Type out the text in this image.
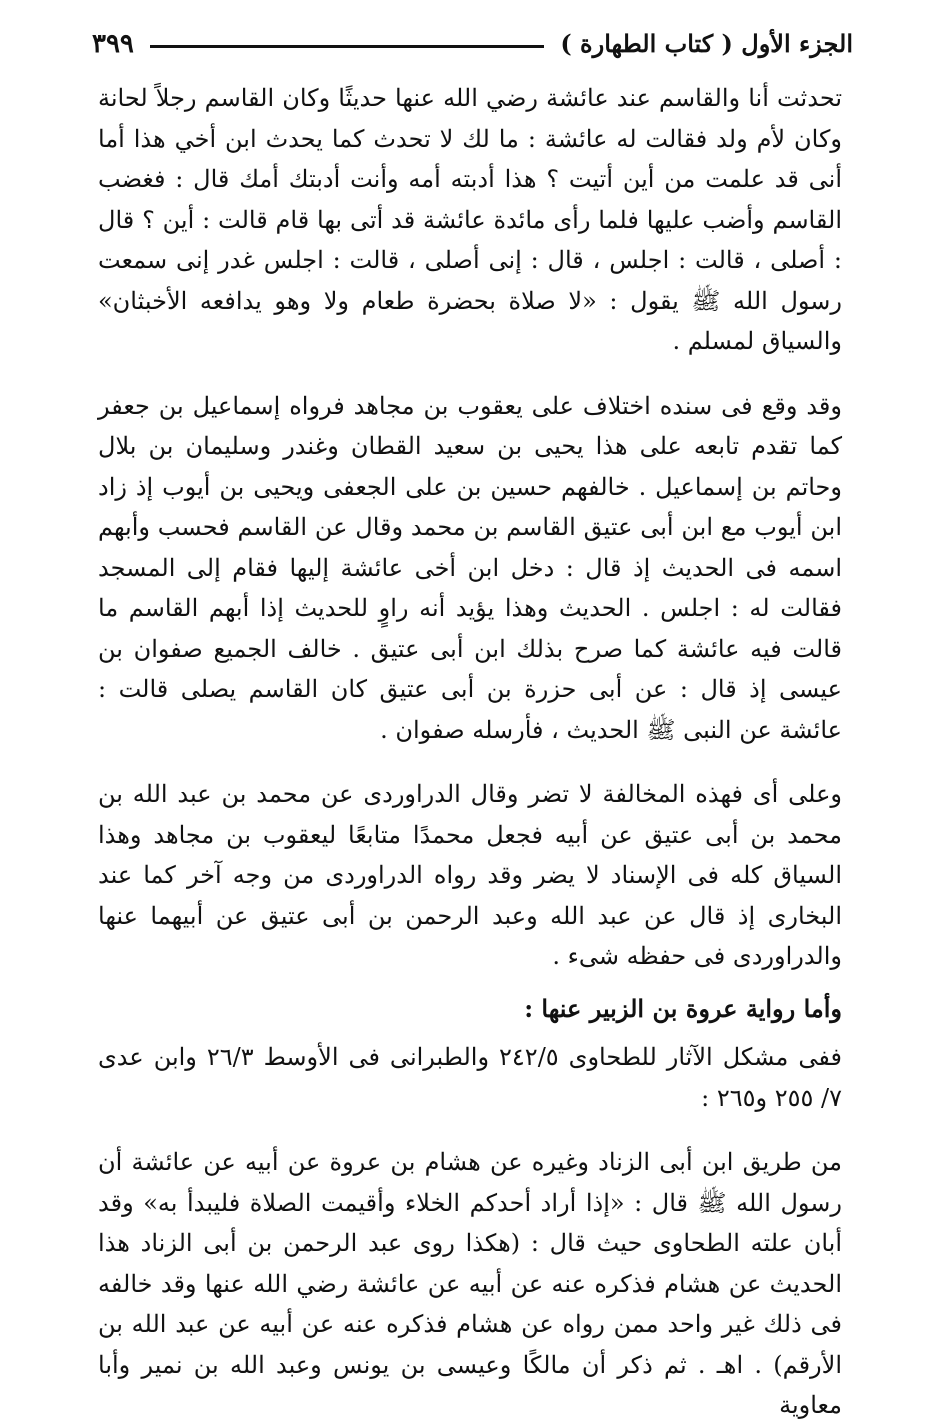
الجزء الأول ( كتاب الطهارة )
٣٩٩

تحدثت أنا والقاسم عند عائشة رضي الله عنها حديثًا وكان القاسم رجلاً لحانة وكان لأم ولد فقالت له عائشة : ما لك لا تحدث كما يحدث ابن أخي هذا أما أنى قد علمت من أين أتيت ؟ هذا أدبته أمه وأنت أدبتك أمك قال : فغضب القاسم وأضب عليها فلما رأى مائدة عائشة قد أتى بها قام قالت : أين ؟ قال : أصلى ، قالت : اجلس ، قال : إنى أصلى ، قالت : اجلس غدر إنى سمعت رسول الله ﷺ يقول : «لا صلاة بحضرة طعام ولا وهو يدافعه الأخبثان» والسياق لمسلم .

وقد وقع فى سنده اختلاف على يعقوب بن مجاهد فرواه إسماعيل بن جعفر كما تقدم تابعه على هذا يحيى بن سعيد القطان وغندر وسليمان بن بلال وحاتم بن إسماعيل . خالفهم حسين بن على الجعفى ويحيى بن أيوب إذ زاد ابن أيوب مع ابن أبى عتيق القاسم بن محمد وقال عن القاسم فحسب وأبهم اسمه فى الحديث إذ قال : دخل ابن أخى عائشة إليها فقام إلى المسجد فقالت له : اجلس . الحديث وهذا يؤيد أنه راوٍ للحديث إذا أبهم القاسم ما قالت فيه عائشة كما صرح بذلك ابن أبى عتيق . خالف الجميع صفوان بن عيسى إذ قال : عن أبى حزرة بن أبى عتيق كان القاسم يصلى قالت : عائشة عن النبى ﷺ الحديث ، فأرسله صفوان .

وعلى أى فهذه المخالفة لا تضر وقال الدراوردى عن محمد بن عبد الله بن محمد بن أبى عتيق عن أبيه فجعل محمدًا متابعًا ليعقوب بن مجاهد وهذا السياق كله فى الإسناد لا يضر وقد رواه الدراوردى من وجه آخر كما عند البخارى إذ قال عن عبد الله وعبد الرحمن بن أبى عتيق عن أبيهما عنها والدراوردى فى حفظه شىء .

وأما رواية عروة بن الزبير عنها :

ففى مشكل الآثار للطحاوى ٢٤٢/٥ والطبرانى فى الأوسط ٢٦/٣ وابن عدى ٧/ ٢٥٥ و٢٦٥ :

من طريق ابن أبى الزناد وغيره عن هشام بن عروة عن أبيه عن عائشة أن رسول الله ﷺ قال : «إذا أراد أحدكم الخلاء وأقيمت الصلاة فليبدأ به» وقد أبان علته الطحاوى حيث قال : (هكذا روى عبد الرحمن بن أبى الزناد هذا الحديث عن هشام فذكره عنه عن أبيه عن عائشة رضي الله عنها وقد خالفه فى ذلك غير واحد ممن رواه عن هشام فذكره عنه عن أبيه عن عبد الله بن الأرقم) . اهـ . ثم ذكر أن مالكًا وعيسى بن يونس وعبد الله بن نمير وأبا معاوية
